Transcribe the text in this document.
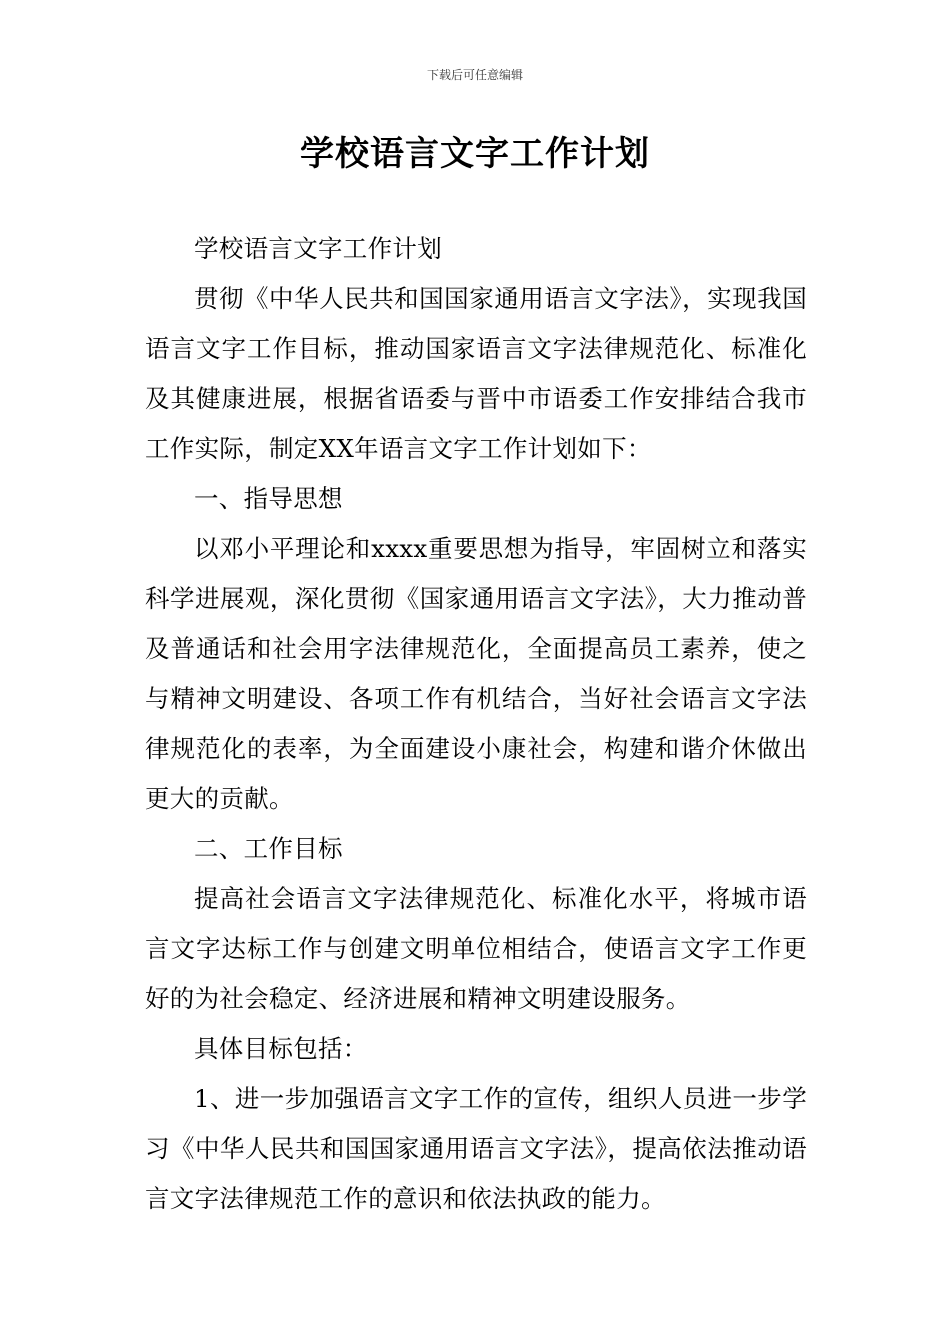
下载后可任意编辑
学校语言文字工作计划

学校语言文字工作计划

贯彻《中华人民共和国国家通用语言文字法》，实现我国语言文字工作目标，推动国家语言文字法律规范化、标准化及其健康进展，根据省语委与晋中市语委工作安排结合我市工作实际，制定XX年语言文字工作计划如下：

一、指导思想

以邓小平理论和xxxx重要思想为指导，牢固树立和落实科学进展观，深化贯彻《国家通用语言文字法》，大力推动普及普通话和社会用字法律规范化，全面提高员工素养，使之与精神文明建设、各项工作有机结合，当好社会语言文字法律规范化的表率，为全面建设小康社会，构建和谐介休做出更大的贡献。

二、工作目标

提高社会语言文字法律规范化、标准化水平，将城市语言文字达标工作与创建文明单位相结合，使语言文字工作更好的为社会稳定、经济进展和精神文明建设服务。

具体目标包括：

1、进一步加强语言文字工作的宣传，组织人员进一步学习《中华人民共和国国家通用语言文字法》，提高依法推动语言文字法律规范工作的意识和依法执政的能力。
